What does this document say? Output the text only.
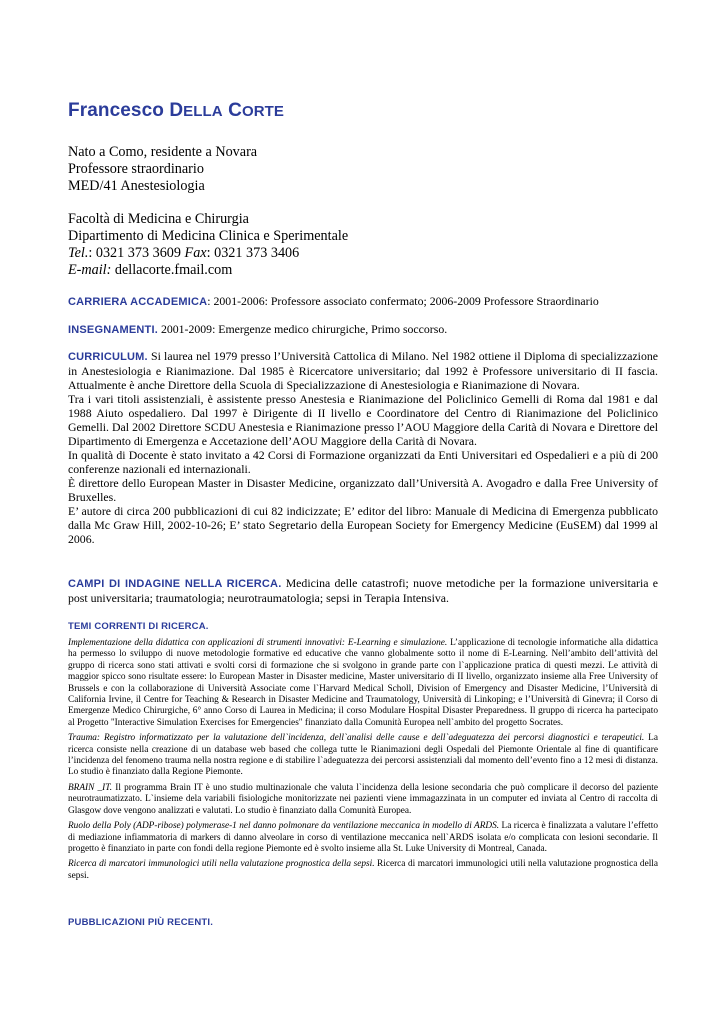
Francesco DELLA CORTE
Nato a Como, residente a Novara
Professore straordinario
MED/41 Anestesiologia
Facoltà di Medicina e Chirurgia
Dipartimento di Medicina Clinica e Sperimentale
Tel.: 0321 373 3609 Fax: 0321 373 3406
E-mail: dellacorte.fmail.com
CARRIERA ACCADEMICA: 2001-2006: Professore associato confermato; 2006-2009 Professore Straordinario
INSEGNAMENTI. 2001-2009: Emergenze medico chirurgiche, Primo soccorso.

CURRICULUM. Si laurea nel 1979 presso l’Università Cattolica di Milano. Nel 1982 ottiene il Diploma di specializzazione in Anestesiologia e Rianimazione. Dal 1985 è Ricercatore universitario; dal 1992 è Professore universitario di II fascia. Attualmente è anche Direttore della Scuola di Specializzazione di Anestesiologia e Rianimazione di Novara.

Tra i vari titoli assistenziali, è assistente presso Anestesia e Rianimazione del Policlinico Gemelli di Roma dal 1981 e dal 1988 Aiuto ospedaliero. Dal 1997 è Dirigente di II livello e Coordinatore del Centro di Rianimazione del Policlinico Gemelli. Dal 2002 Direttore SCDU Anestesia e Rianimazione presso l’AOU Maggiore della Carità di Novara e Direttore del Dipartimento di Emergenza e Accetazione dell’AOU Maggiore della Carità di Novara.

In qualità di Docente è stato invitato a 42 Corsi di Formazione organizzati da Enti Universitari ed Ospedalieri e a più di 200 conferenze nazionali ed internazionali.

È direttore dello European Master in Disaster Medicine, organizzato dall’Università A. Avogadro e dalla Free University of Bruxelles.

E’ autore di circa 200 pubblicazioni di cui 82 indicizzate; E’ editor del libro: Manuale di Medicina di Emergenza pubblicato dalla Mc Graw Hill, 2002-10-26; E’ stato Segretario della European Society for Emergency Medicine (EuSEM) dal 1999 al 2006.

CAMPI DI INDAGINE NELLA RICERCA. Medicina delle catastrofi; nuove metodiche per la formazione universitaria e post universitaria; traumatologia; neurotraumatologia; sepsi in Terapia Intensiva.
TEMI CORRENTI DI RICERCA.

Implementazione della didattica con applicazioni di strumenti innovativi: E-Learning e simulazione. L’applicazione di tecnologie informatiche alla didattica ha permesso lo sviluppo di nuove metodologie formative ed educative che vanno globalmente sotto il nome di E-Learning. Nell’ambito dell’attività del gruppo di ricerca sono stati attivati e svolti corsi di formazione che si svolgono in grande parte con l`applicazione pratica di questi mezzi. Le attività di maggior spicco sono risultate essere: lo European Master in Disaster medicine, Master universitario di II livello, organizzato insieme alla Free University of Brussels e con la collaborazione di Università Associate come l`Harvard Medical Scholl, Division of Emergency and Disaster Medicine, l’Università di California Irvine, il Centre for Teaching & Research in Disaster Medicine and Traumatology, Università di Linkoping; e l’Università di Ginevra; il Corso di Emergenze Medico Chirurgiche, 6° anno Corso di Laurea in Medicina; il corso Modulare Hospital Disaster Preparedness. Il gruppo di ricerca ha partecipato al Progetto "Interactive Simulation Exercises for Emergencies" finanziato dalla Comunità Europea nell`ambito del progetto Socrates.

Trauma: Registro informatizzato per la valutazione dell`incidenza, dell`analisi delle cause e dell`adeguatezza dei percorsi diagnostici e terapeutici. La ricerca consiste nella creazione di un database web based che collega tutte le Rianimazioni degli Ospedali del Piemonte Orientale al fine di quantificare l’incidenza del fenomeno trauma nella nostra regione e di stabilire l`adeguatezza dei percorsi assistenziali dal momento dell’evento fino a 12 mesi di distanza. Lo studio è finanziato dalla Regione Piemonte.

BRAIN _IT. Il programma Brain IT è uno studio multinazionale che valuta l`incidenza della lesione secondaria che può complicare il decorso del paziente neurotraumatizzato. L`insieme dela variabili fisiologiche monitorizzate nei pazienti viene immagazzinata in un computer ed inviata al Centro di raccolta di Glasgow dove vengono analizzati e valutati. Lo studio è finanziato dalla Comunità Europea.

Ruolo della Poly (ADP-ribose) polymerase-1 nel danno polmonare da ventilazione meccanica in modello di ARDS. La ricerca è finalizzata a valutare l’effetto di mediazione infiammatoria di markers di danno alveolare in corso di ventilazione meccanica nell`ARDS isolata e/o complicata con lesioni secondarie. Il progetto è finanziato in parte con fondi della regione Piemonte ed è svolto insieme alla St. Luke University di Montreal, Canada.

Ricerca di marcatori immunologici utili nella valutazione prognostica della sepsi. Ricerca di marcatori immunologici utili nella valutazione prognostica della sepsi.

PUBBLICAZIONI PIÙ RECENTI.
